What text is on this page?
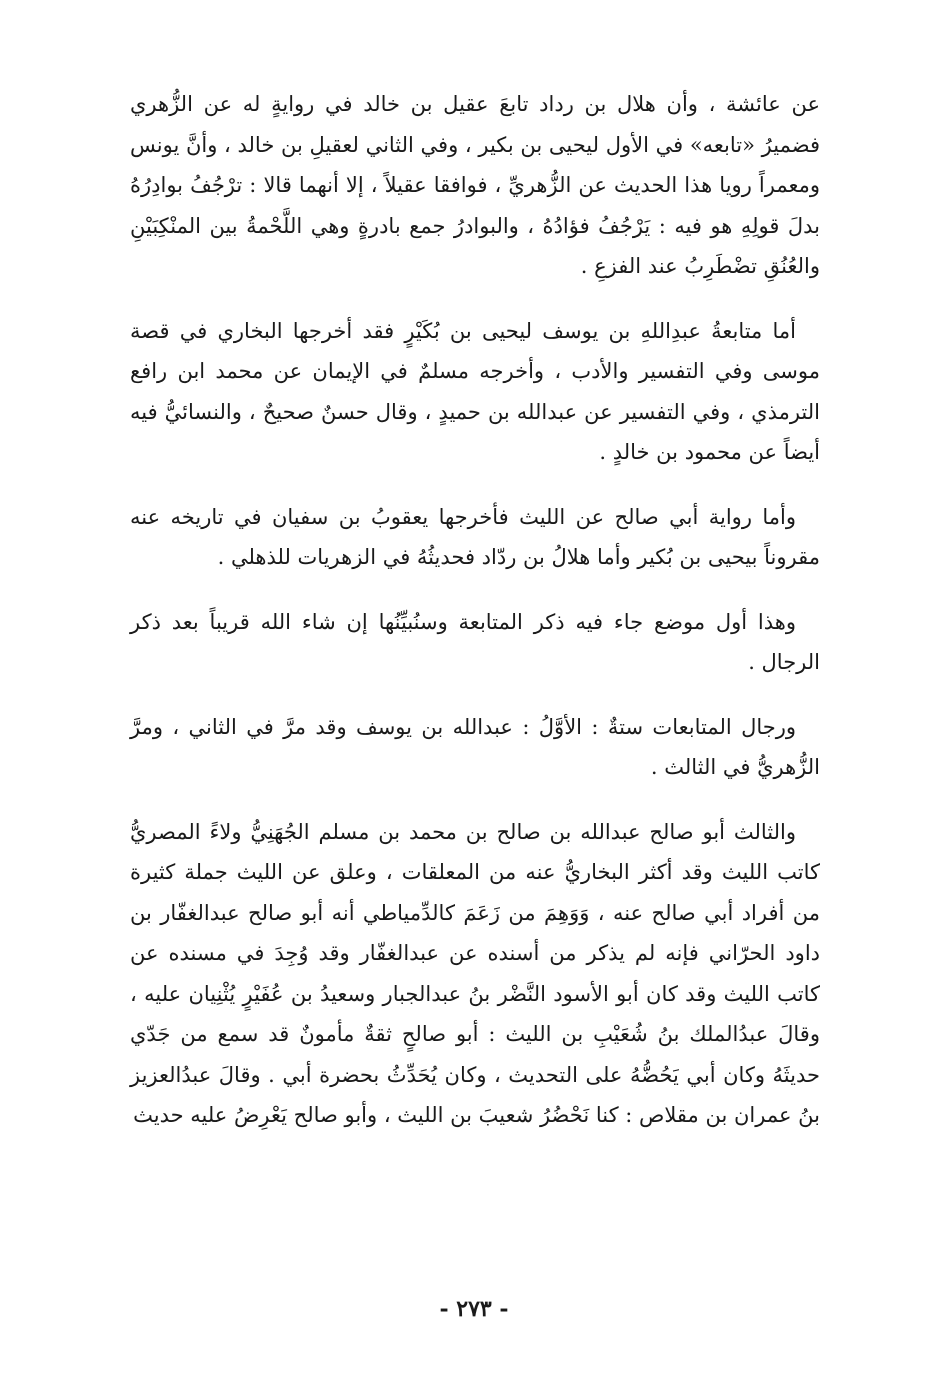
عن عائشة ، وأن هلال بن رداد تابعَ عقيل بن خالد في روايةٍ له عن الزُّهري فضميرُ «تابعه» في الأول ليحيى بن بكير ، وفي الثاني لعقيلِ بن خالد ، وأنَّ يونس ومعمراً رويا هذا الحديث عن الزُّهريِّ ، فوافقا عقيلاً ، إلا أنهما قالا : ترْجُفُ بوادِرُهُ بدلَ قولِهِ هو فيه : يَرْجُفُ فؤادُهُ ، والبوادرُ جمع بادرةٍ وهي اللَّحْمةُ بين المنْكِبَيْنِ والعُنُقِ تضْطَرِبُ عند الفزعِ .

أما متابعةُ عبدِاللهِ بن يوسف ليحيى بن بُكَيْرٍ فقد أخرجها البخاري في قصة موسى وفي التفسير والأدب ، وأخرجه مسلمٌ في الإيمان عن محمد ابن رافع الترمذي ، وفي التفسير عن عبدالله بن حميدٍ ، وقال حسنٌ صحيحٌ ، والنسائيُّ فيه أيضاً عن محمود بن خالدٍ .

وأما رواية أبي صالح عن الليث فأخرجها يعقوبُ بن سفيان في تاريخه عنه مقروناً بيحيى بن بُكير وأما هلالُ بن ردّاد فحديثُهُ في الزهريات للذهلي .

وهذا أول موضع جاء فيه ذكر المتابعة وسنُبيِّنُها إن شاء الله قريباً بعد ذكر الرجال .

ورجال المتابعات ستةٌ : الأوَّلُ : عبدالله بن يوسف وقد مرَّ في الثاني ، ومرَّ الزُّهريُّ في الثالث .

والثالث أبو صالح عبدالله بن صالح بن محمد بن مسلم الجُهَنِيُّ ولاءً المصريُّ كاتب الليث وقد أكثر البخاريُّ عنه من المعلقات ، وعلق عن الليث جملة كثيرة من أفراد أبي صالح عنه ، وَوَهِمَ من زَعَمَ كالدِّمياطي أنه أبو صالح عبدالغفّار بن داود الحرّاني فإنه لم يذكر من أسنده عن عبدالغفّار وقد وُجِدَ في مسنده عن كاتب الليث وقد كان أبو الأسود النَّضْر بنُ عبدالجبار وسعيدُ بن عُفَيْرٍ يُثْنِيان عليه ، وقالَ عبدُالملك بنُ شُعَيْبِ بن الليث : أبو صالحٍ ثقةٌ مأمونٌ قد سمع من جَدّي حديثَهُ وكان أبي يَحُضُّهُ على التحديث ، وكان يُحَدِّثُ بحضرة أبي . وقالَ عبدُالعزيز بنُ عمران بن مقلاص : كنا نَحْضُرُ شعيبَ بن الليث ، وأبو صالح يَعْرِضُ عليه حديث

- ٢٧٣ -
